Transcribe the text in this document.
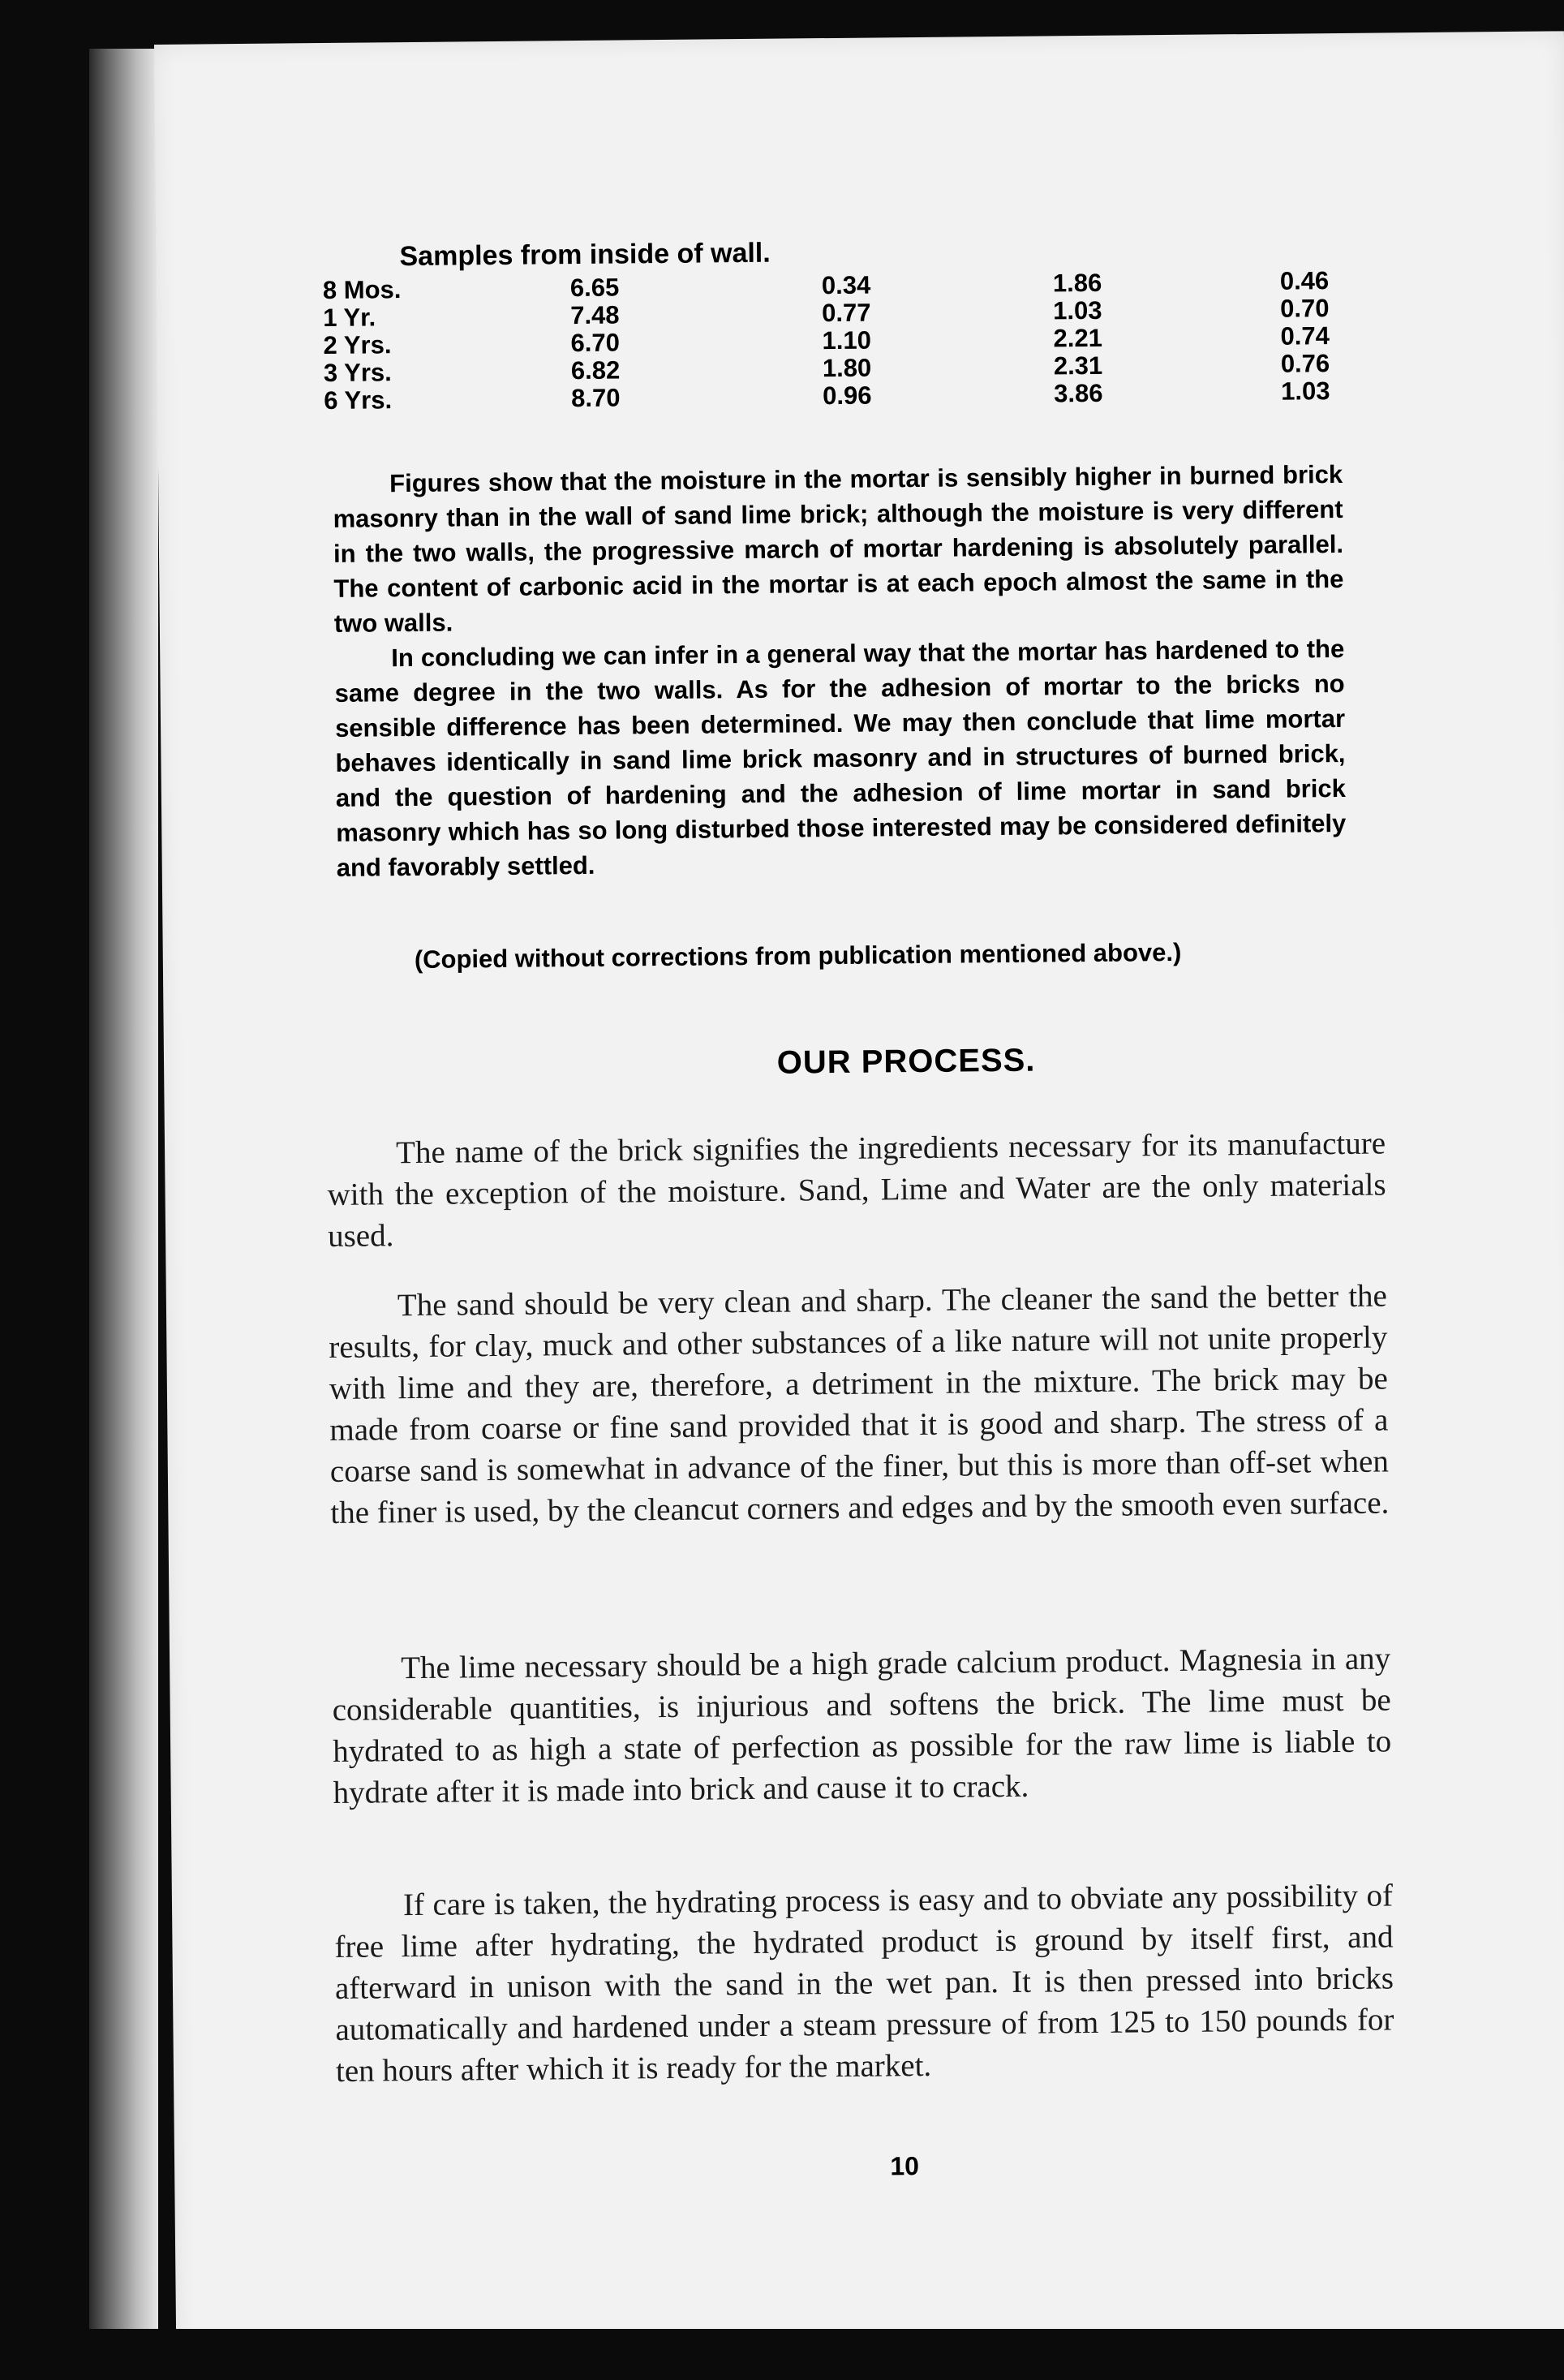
Samples from inside of wall.
8 Mos.	6.65	0.34	1.86	0.46
1 Yr.	7.48	0.77	1.03	0.70
2 Yrs.	6.70	1.10	2.21	0.74
3 Yrs.	6.82	1.80	2.31	0.76
6 Yrs.	8.70	0.96	3.86	1.03

Figures show that the moisture in the mortar is sensibly higher in burned brick masonry than in the wall of sand lime brick; although the moisture is very different in the two walls, the progressive march of mortar hardening is absolutely parallel. The content of carbonic acid in the mortar is at each epoch almost the same in the two walls.

In concluding we can infer in a general way that the mortar has hardened to the same degree in the two walls. As for the adhesion of mortar to the bricks no sensible difference has been determined. We may then conclude that lime mortar behaves identically in sand lime brick masonry and in structures of burned brick, and the question of hardening and the adhesion of lime mortar in sand brick masonry which has so long disturbed those interested may be considered definitely and favorably settled.

(Copied without corrections from publication mentioned above.)
OUR PROCESS.

The name of the brick signifies the ingredients necessary for its manufacture with the exception of the moisture. Sand, Lime and Water are the only materials used.

The sand should be very clean and sharp. The cleaner the sand the better the results, for clay, muck and other substances of a like nature will not unite properly with lime and they are, therefore, a detriment in the mixture. The brick may be made from coarse or fine sand provided that it is good and sharp. The stress of a coarse sand is somewhat in advance of the finer, but this is more than off-set when the finer is used, by the cleancut corners and edges and by the smooth even surface.

The lime necessary should be a high grade calcium product. Magnesia in any considerable quantities, is injurious and softens the brick. The lime must be hydrated to as high a state of perfection as possible for the raw lime is liable to hydrate after it is made into brick and cause it to crack.

If care is taken, the hydrating process is easy and to obviate any possibility of free lime after hydrating, the hydrated product is ground by itself first, and afterward in unison with the sand in the wet pan. It is then pressed into bricks automatically and hardened under a steam pressure of from 125 to 150 pounds for ten hours after which it is ready for the market.

10
